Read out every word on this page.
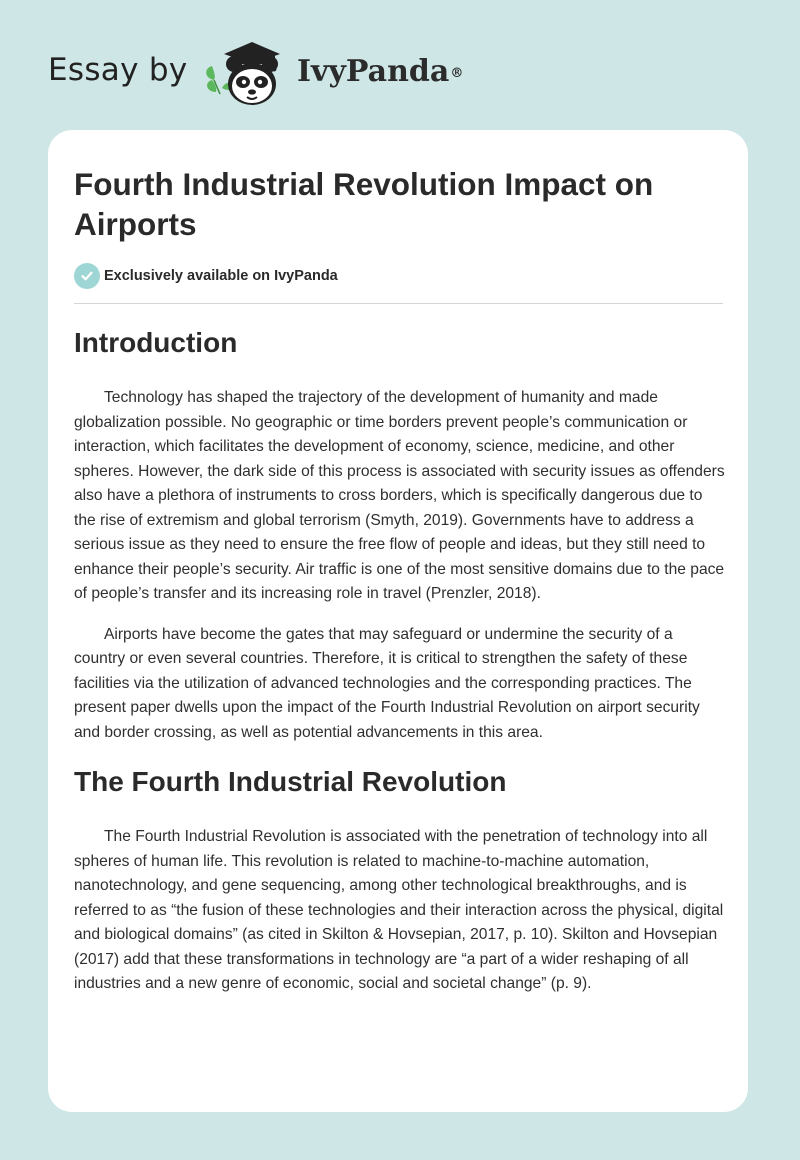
Essay by	IvyPanda®
Fourth Industrial Revolution Impact on Airports
Exclusively available on IvyPanda
Introduction

Technology has shaped the trajectory of the development of humanity and made globalization possible. No geographic or time borders prevent people’s communication or interaction, which facilitates the development of economy, science, medicine, and other spheres. However, the dark side of this process is associated with security issues as offenders also have a plethora of instruments to cross borders, which is specifically dangerous due to the rise of extremism and global terrorism (Smyth, 2019). Governments have to address a serious issue as they need to ensure the free flow of people and ideas, but they still need to enhance their people’s security. Air traffic is one of the most sensitive domains due to the pace of people’s transfer and its increasing role in travel (Prenzler, 2018).

Airports have become the gates that may safeguard or undermine the security of a country or even several countries. Therefore, it is critical to strengthen the safety of these facilities via the utilization of advanced technologies and the corresponding practices. The present paper dwells upon the impact of the Fourth Industrial Revolution on airport security and border crossing, as well as potential advancements in this area.

The Fourth Industrial Revolution

The Fourth Industrial Revolution is associated with the penetration of technology into all spheres of human life. This revolution is related to machine-to-machine automation, nanotechnology, and gene sequencing, among other technological breakthroughs, and is referred to as “the fusion of these technologies and their interaction across the physical, digital and biological domains” (as cited in Skilton & Hovsepian, 2017, p. 10). Skilton and Hovsepian (2017) add that these transformations in technology are “a part of a wider reshaping of all industries and a new genre of economic, social and societal change” (p. 9).
